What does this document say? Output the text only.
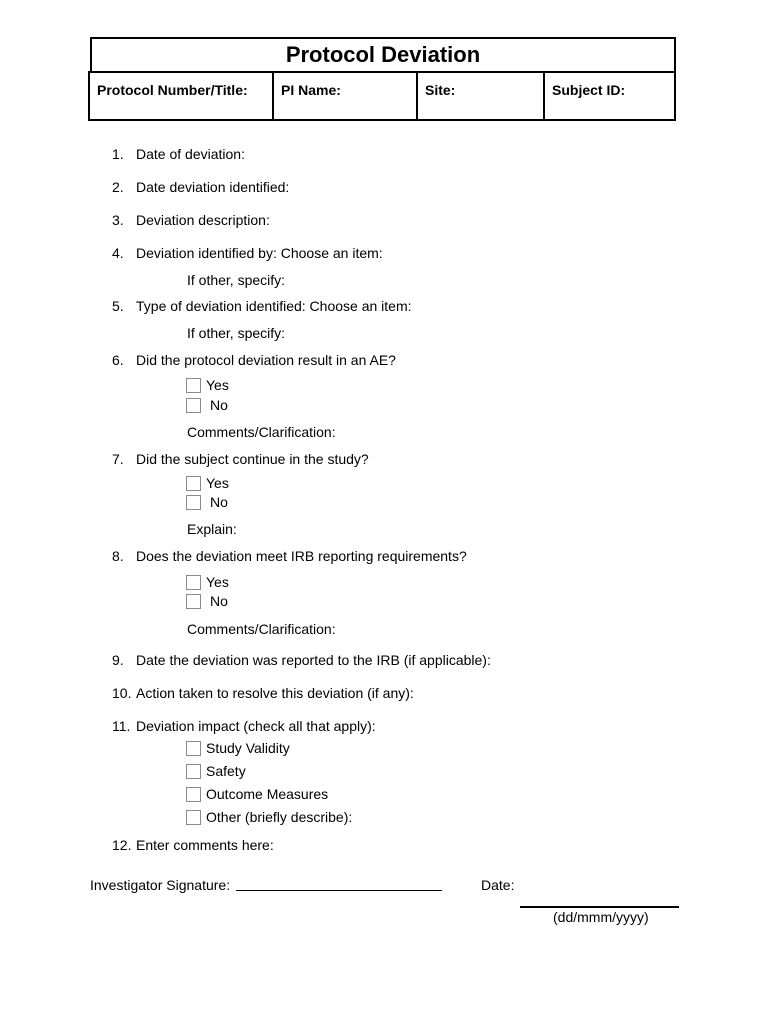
Protocol Deviation
Protocol Number/Title:	PI Name:	Site:	Subject ID:
1. Date of deviation:
2. Date deviation identified:
3. Deviation description:
4. Deviation identified by: Choose an item:
If other, specify:
5. Type of deviation identified: Choose an item:
If other, specify:
6. Did the protocol deviation result in an AE?
Yes
No
Comments/Clarification:
7. Did the subject continue in the study?
Yes
No
Explain:
8. Does the deviation meet IRB reporting requirements?
Yes
No
Comments/Clarification:
9. Date the deviation was reported to the IRB (if applicable):
10. Action taken to resolve this deviation (if any):
11. Deviation impact (check all that apply):
Study Validity
Safety
Outcome Measures
Other (briefly describe):
12. Enter comments here:
Investigator Signature:	Date:
(dd/mmm/yyyy)
